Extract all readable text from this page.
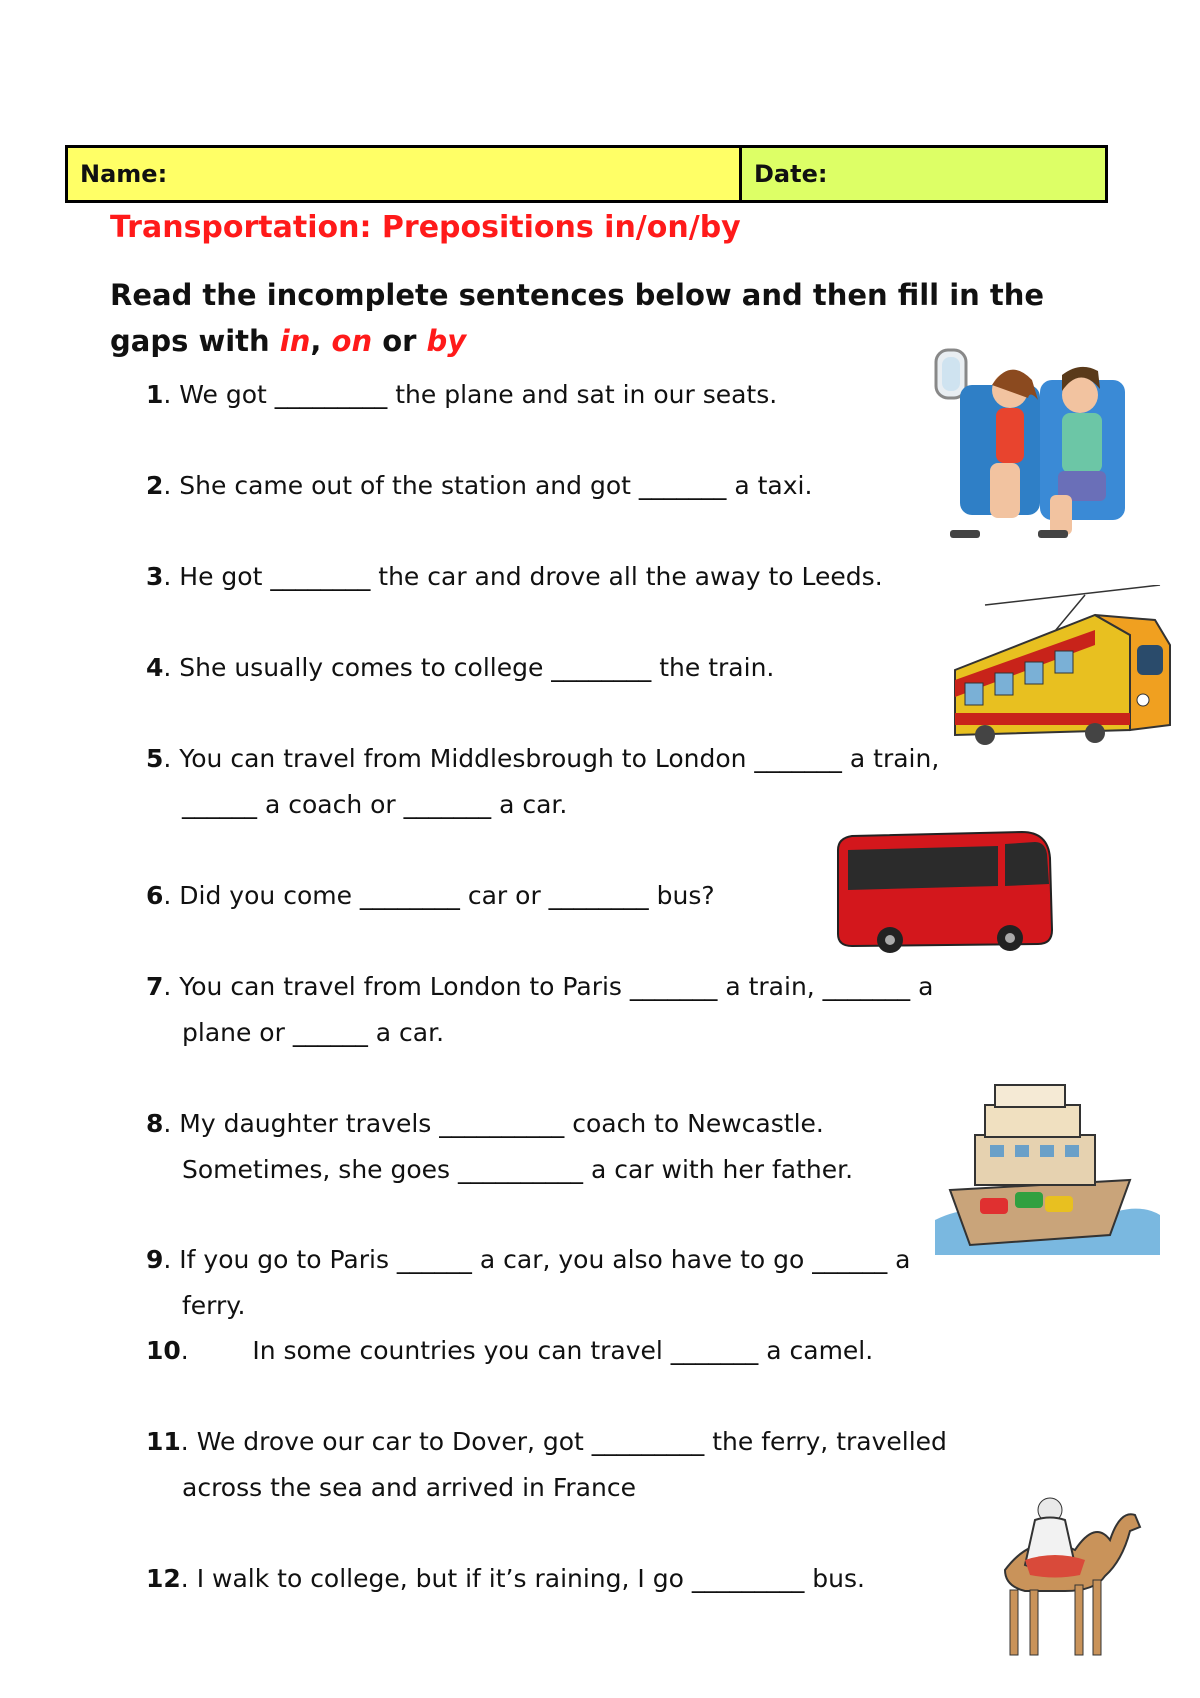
Name:	Date:
Transportation: Prepositions in/on/by
Read the incomplete sentences below and then fill in the gaps with in, on or by
1. We got _________ the plane and sat in our seats.
2. She came out of the station and got _______ a taxi.
3. He got ________ the car and drove all the away to Leeds.
4. She usually comes to college ________ the train.
5. You can travel from Middlesbrough to London _______ a train,
______ a coach or _______ a car.
6. Did you come ________ car or ________ bus?
7. You can travel from London to Paris _______ a train, _______ a
plane or ______ a car.
8. My daughter travels __________ coach to Newcastle.
Sometimes, she goes __________ a car with her father.
9. If you go to Paris ______ a car, you also have to go ______ a
ferry.
10.        In some countries you can travel _______ a camel.
11. We drove our car to Dover, got _________ the ferry, travelled
across the sea and arrived in France
12. I walk to college, but if it’s raining, I go _________ bus.
